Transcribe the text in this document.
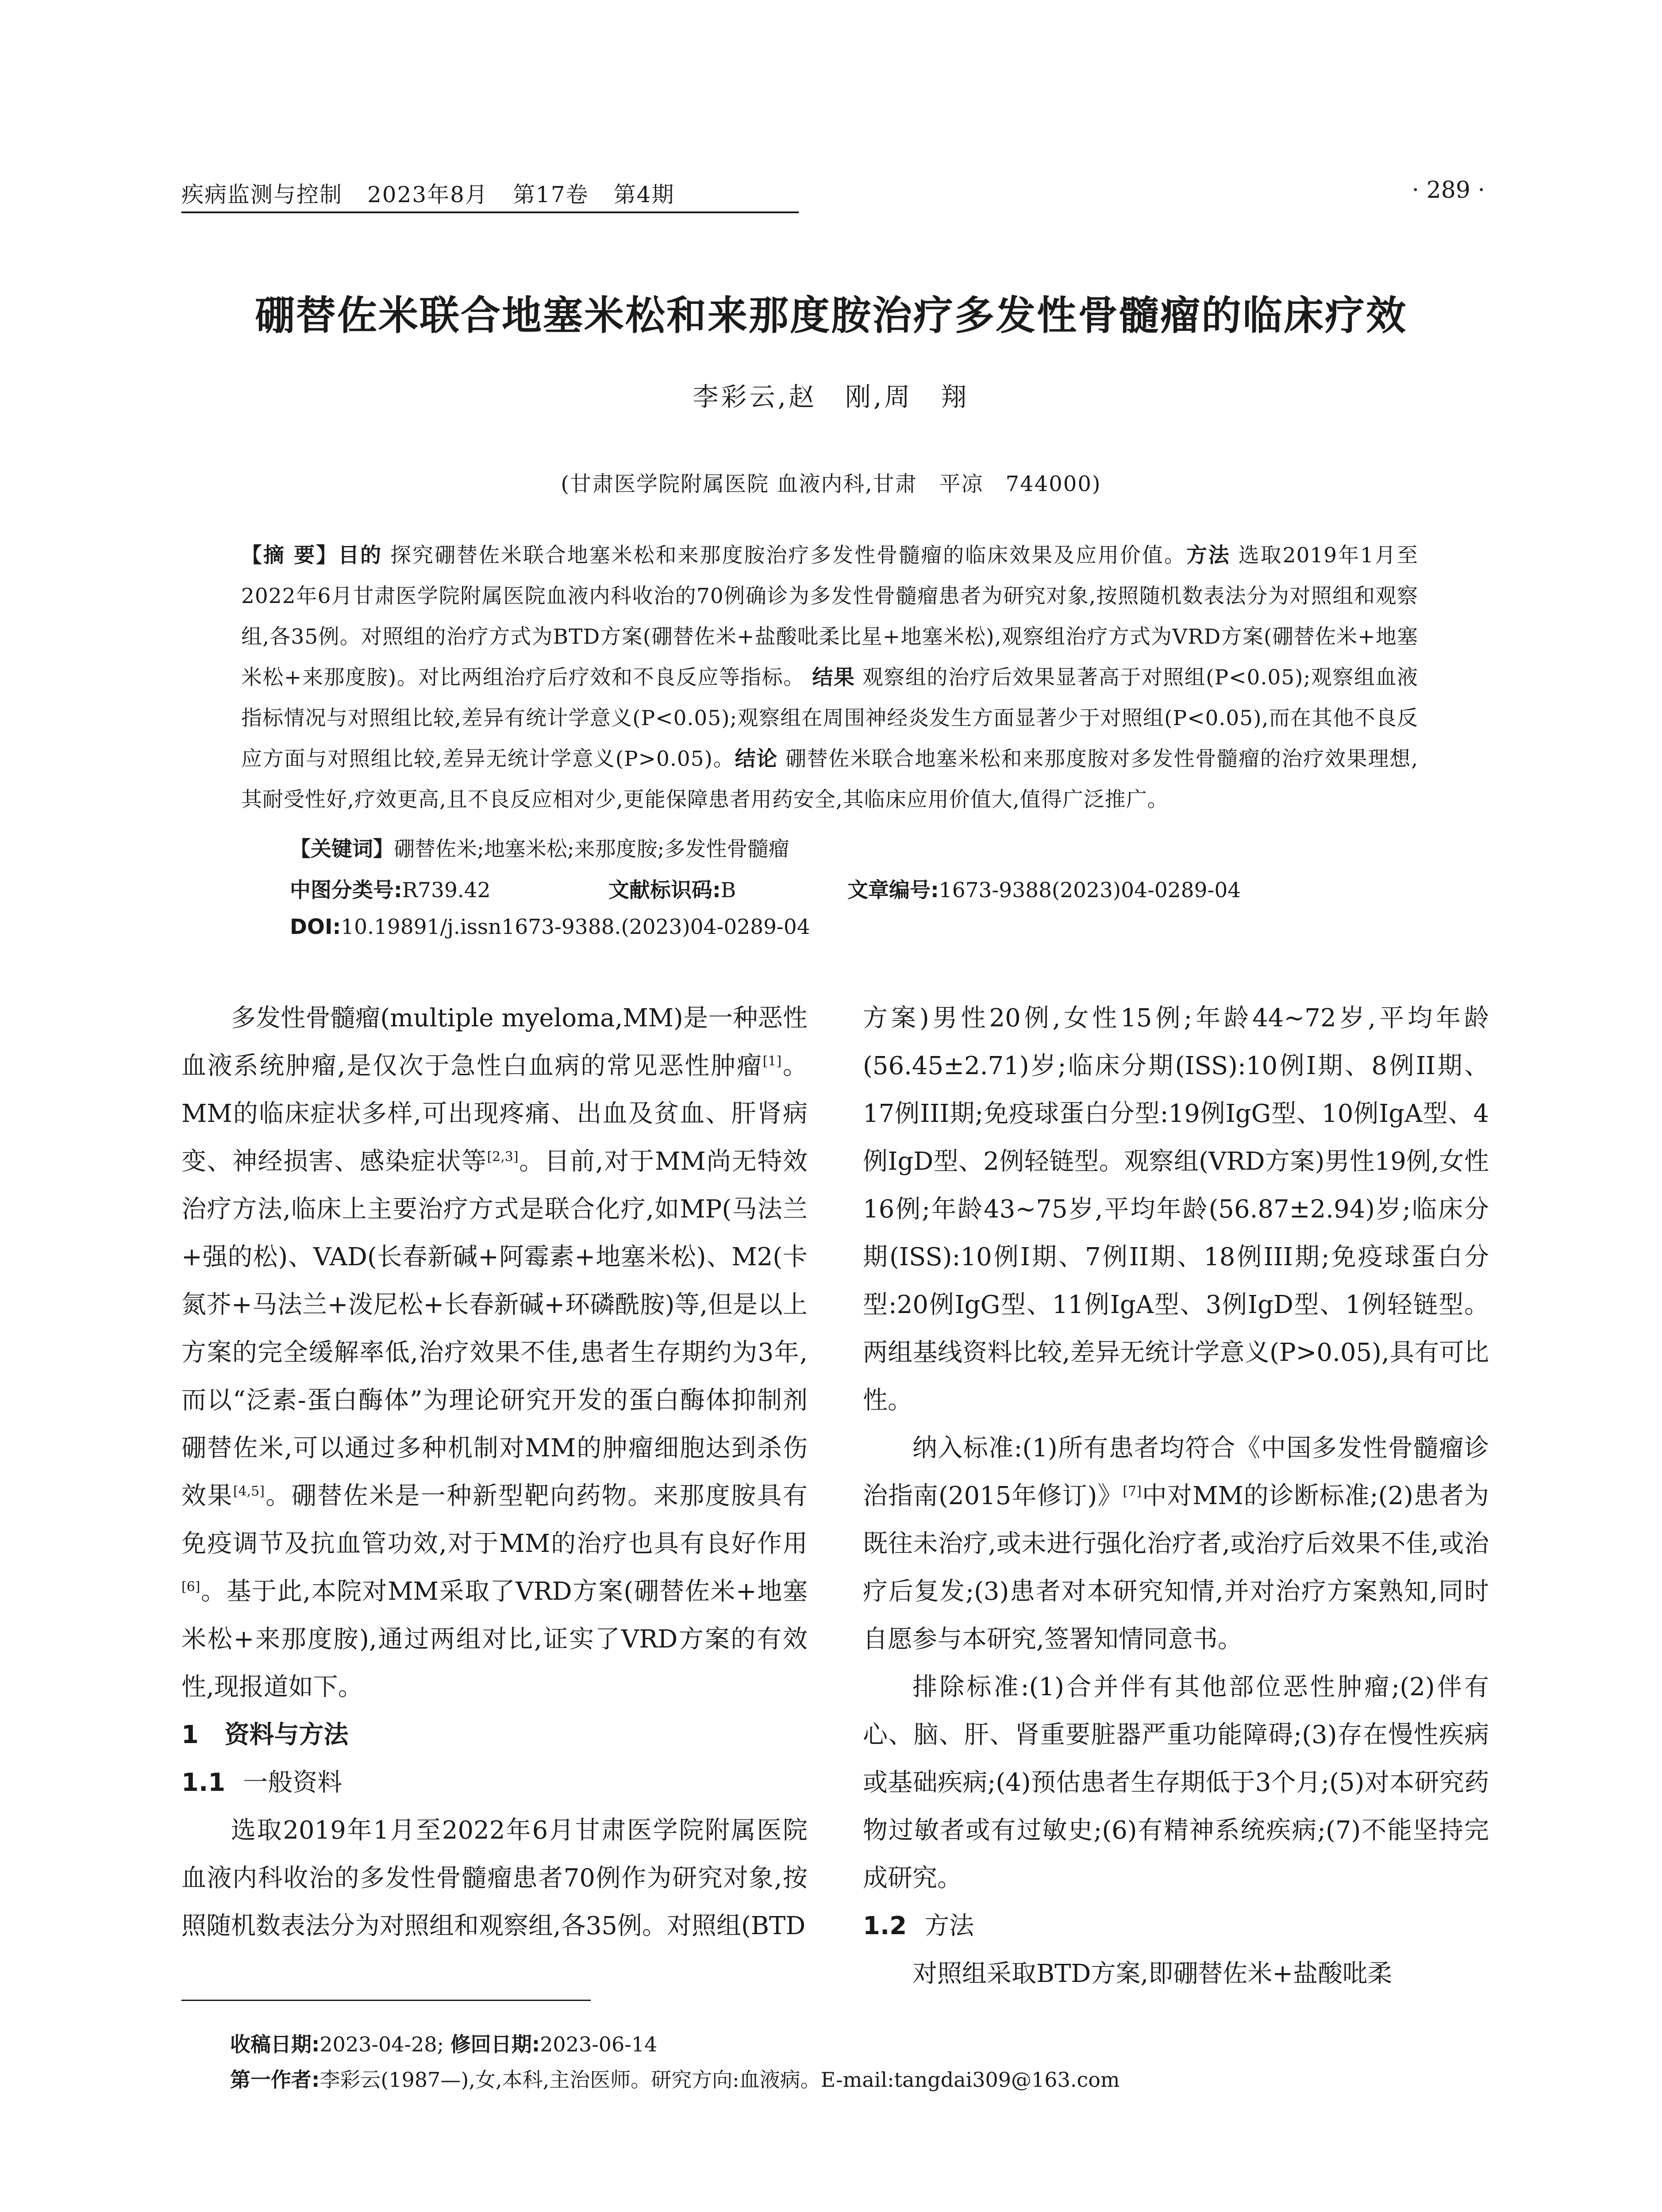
疾病监测与控制 2023年8月 第17卷 第4期	· 289 ·
硼替佐米联合地塞米松和来那度胺治疗多发性骨髓瘤的临床疗效
李彩云,赵　刚,周　翔
(甘肃医学院附属医院 血液内科,甘肃　平凉　744000)
【摘 要】目的 探究硼替佐米联合地塞米松和来那度胺治疗多发性骨髓瘤的临床效果及应用价值。方法 选取2019年1月至2022年6月甘肃医学院附属医院血液内科收治的70例确诊为多发性骨髓瘤患者为研究对象,按照随机数表法分为对照组和观察组,各35例。对照组的治疗方式为BTD方案(硼替佐米+盐酸吡柔比星+地塞米松),观察组治疗方式为VRD方案(硼替佐米+地塞米松+来那度胺)。对比两组治疗后疗效和不良反应等指标。 结果 观察组的治疗后效果显著高于对照组(P<0.05);观察组血液指标情况与对照组比较,差异有统计学意义(P<0.05);观察组在周围神经炎发生方面显著少于对照组(P<0.05),而在其他不良反应方面与对照组比较,差异无统计学意义(P>0.05)。结论 硼替佐米联合地塞米松和来那度胺对多发性骨髓瘤的治疗效果理想,其耐受性好,疗效更高,且不良反应相对少,更能保障患者用药安全,其临床应用价值大,值得广泛推广。
【关键词】硼替佐米;地塞米松;来那度胺;多发性骨髓瘤
中图分类号:R739.42	文献标识码:B	文章编号:1673-9388(2023)04-0289-04
DOI:10.19891/j.issn1673-9388.(2023)04-0289-04

多发性骨髓瘤(multiple myeloma,MM)是一种恶性血液系统肿瘤,是仅次于急性白血病的常见恶性肿瘤[1]。MM的临床症状多样,可出现疼痛、出血及贫血、肝肾病变、神经损害、感染症状等[2,3]。目前,对于MM尚无特效治疗方法,临床上主要治疗方式是联合化疗,如MP(马法兰+强的松)、VAD(长春新碱+阿霉素+地塞米松)、M2(卡氮芥+马法兰+泼尼松+长春新碱+环磷酰胺)等,但是以上方案的完全缓解率低,治疗效果不佳,患者生存期约为3年,而以“泛素-蛋白酶体”为理论研究开发的蛋白酶体抑制剂硼替佐米,可以通过多种机制对MM的肿瘤细胞达到杀伤效果[4,5]。硼替佐米是一种新型靶向药物。来那度胺具有免疫调节及抗血管功效,对于MM的治疗也具有良好作用[6]。基于此,本院对MM采取了VRD方案(硼替佐米+地塞米松+来那度胺),通过两组对比,证实了VRD方案的有效性,现报道如下。

1 资料与方法

1.1 一般资料

选取2019年1月至2022年6月甘肃医学院附属医院血液内科收治的多发性骨髓瘤患者70例作为研究对象,按照随机数表法分为对照组和观察组,各35例。对照组(BTD

方案)男性20例,女性15例;年龄44~72岁,平均年龄(56.45±2.71)岁;临床分期(ISS):10例I期、8例II期、17例III期;免疫球蛋白分型:19例IgG型、10例IgA型、4例IgD型、2例轻链型。观察组(VRD方案)男性19例,女性16例;年龄43~75岁,平均年龄(56.87±2.94)岁;临床分期(ISS):10例I期、7例II期、18例III期;免疫球蛋白分型:20例IgG型、11例IgA型、3例IgD型、1例轻链型。两组基线资料比较,差异无统计学意义(P>0.05),具有可比性。

纳入标准:(1)所有患者均符合《中国多发性骨髓瘤诊治指南(2015年修订)》[7]中对MM的诊断标准;(2)患者为既往未治疗,或未进行强化治疗者,或治疗后效果不佳,或治疗后复发;(3)患者对本研究知情,并对治疗方案熟知,同时自愿参与本研究,签署知情同意书。

排除标准:(1)合并伴有其他部位恶性肿瘤;(2)伴有心、脑、肝、肾重要脏器严重功能障碍;(3)存在慢性疾病或基础疾病;(4)预估患者生存期低于3个月;(5)对本研究药物过敏者或有过敏史;(6)有精神系统疾病;(7)不能坚持完成研究。

1.2 方法

对照组采取BTD方案,即硼替佐米+盐酸吡柔

收稿日期:2023-04-28; 修回日期:2023-06-14
第一作者:李彩云(1987—),女,本科,主治医师。研究方向:血液病。E-mail:tangdai309@163.com
